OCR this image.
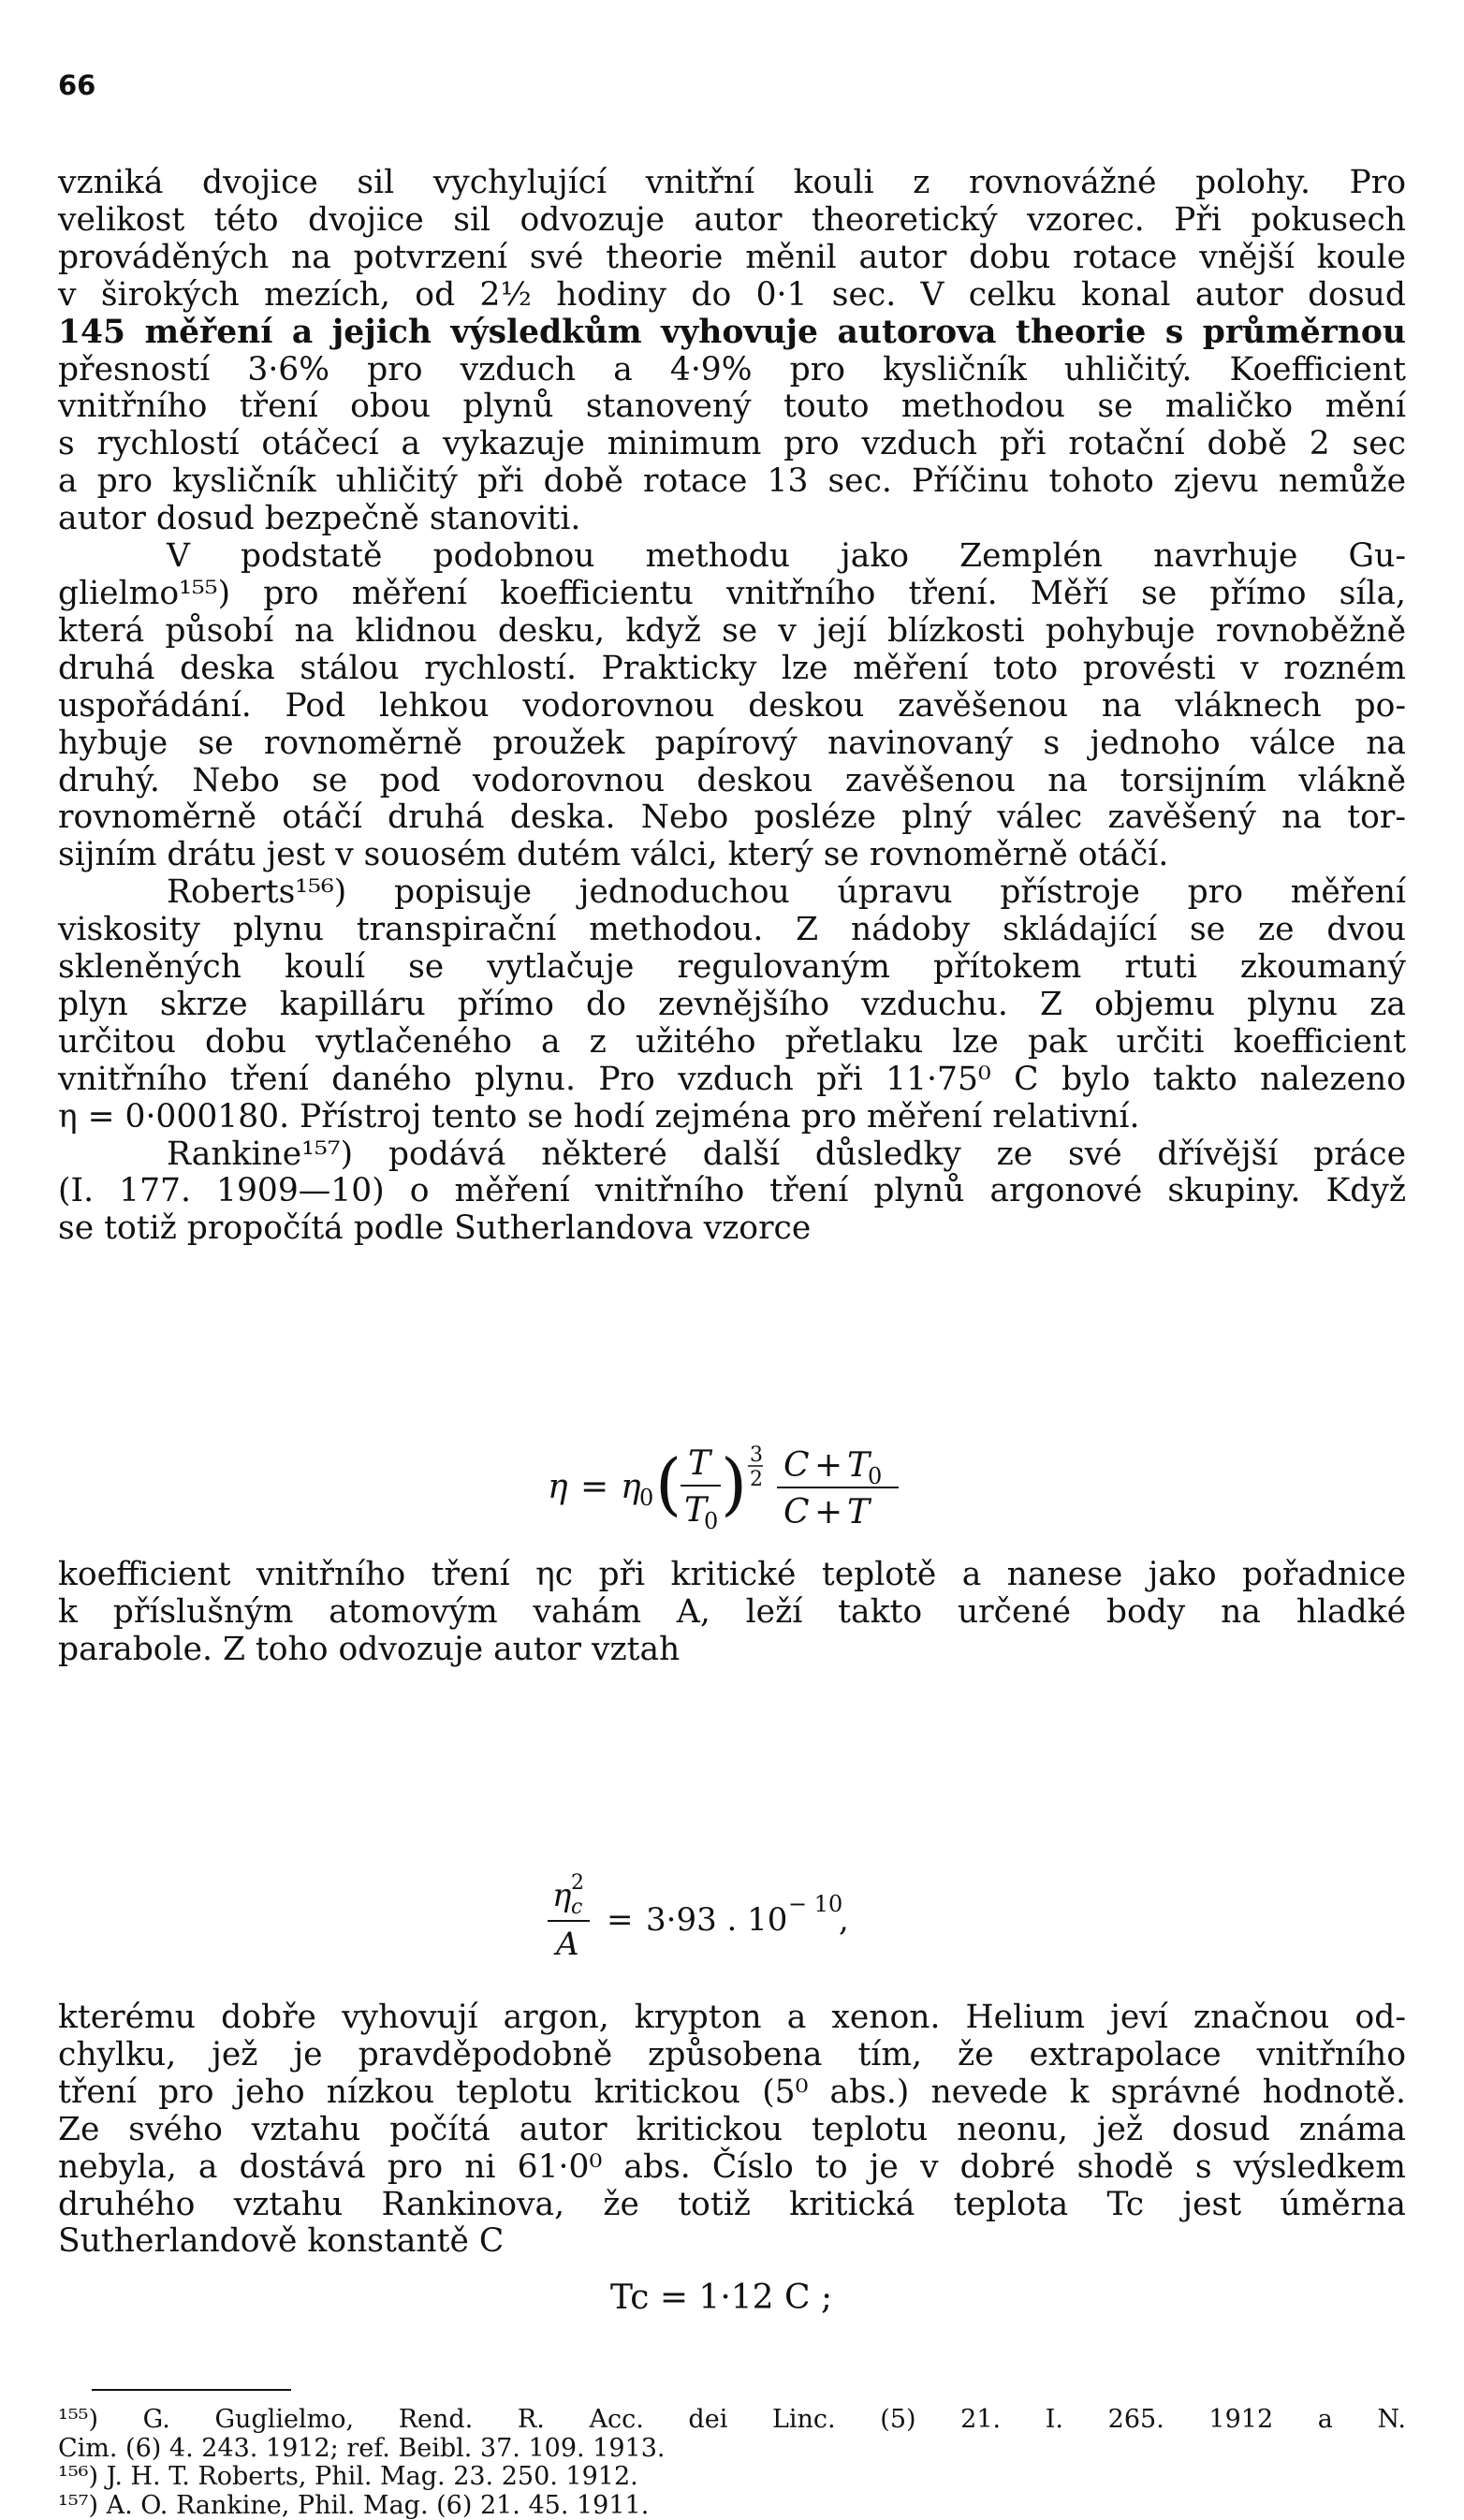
66
vzniká dvojice sil vychylující vnitřní kouli z rovnovážné polohy. Pro
velikost této dvojice sil odvozuje autor theoretický vzorec. Při pokusech
prováděných na potvrzení své theorie měnil autor dobu rotace vnější koule
v širokých mezích, od 2½ hodiny do 0·1 sec. V celku konal autor dosud
145 měření a jejich výsledkům vyhovuje autorova theorie s průměrnou
přesností 3·6% pro vzduch a 4·9% pro kysličník uhličitý. Koefficient
vnitřního tření obou plynů stanovený touto methodou se maličko mění
s rychlostí otáčecí a vykazuje minimum pro vzduch při rotační době 2 sec
a pro kysličník uhličitý při době rotace 13 sec. Příčinu tohoto zjevu nemůže
autor dosud bezpečně stanoviti.
V podstatě podobnou methodu jako Zemplén navrhuje Gu-
glielmo¹⁵⁵) pro měření koefficientu vnitřního tření. Měří se přímo síla,
která působí na klidnou desku, když se v její blízkosti pohybuje rovnoběžně
druhá deska stálou rychlostí. Prakticky lze měření toto provésti v rozném
uspořádání. Pod lehkou vodorovnou deskou zavěšenou na vláknech po-
hybuje se rovnoměrně proužek papírový navinovaný s jednoho válce na
druhý. Nebo se pod vodorovnou deskou zavěšenou na torsijním vlákně
rovnoměrně otáčí druhá deska. Nebo posléze plný válec zavěšený na tor-
sijním drátu jest v souosém dutém válci, který se rovnoměrně otáčí.
Roberts¹⁵⁶) popisuje jednoduchou úpravu přístroje pro měření
viskosity plynu transpirační methodou. Z nádoby skládající se ze dvou
skleněných koulí se vytlačuje regulovaným přítokem rtuti zkoumaný
plyn skrze kapilláru přímo do zevnějšího vzduchu. Z objemu plynu za
určitou dobu vytlačeného a z užitého přetlaku lze pak určiti koefficient
vnitřního tření daného plynu. Pro vzduch při 11·75⁰ C bylo takto nalezeno
η = 0·000180. Přístroj tento se hodí zejména pro měření relativní.
Rankine¹⁵⁷) podává některé další důsledky ze své dřívější práce
(I. 177. 1909—10) o měření vnitřního tření plynů argonové skupiny. Když
se totiž propočítá podle Sutherlandova vzorce
η = η
0 ( T
T
0 ) 3
2 C + T
0
C + T
koefficient vnitřního tření ηc při kritické teplotě a nanese jako pořadnice
k příslušným atomovým vahám A, leží takto určené body na hladké
parabole. Z toho odvozuje autor vztah
η c
2
A
= 3·93 . 10 − 10
,
kterému dobře vyhovují argon, krypton a xenon. Helium jeví značnou od-
chylku, jež je pravděpodobně způsobena tím, že extrapolace vnitřního
tření pro jeho nízkou teplotu kritickou (5⁰ abs.) nevede k správné hodnotě.
Ze svého vztahu počítá autor kritickou teplotu neonu, jež dosud známa
nebyla, a dostává pro ni 61·0⁰ abs. Číslo to je v dobré shodě s výsledkem
druhého vztahu Rankinova, že totiž kritická teplota Tc jest úměrna
Sutherlandově konstantě C
Tc = 1·12 C ;
¹⁵⁵) G. Guglielmo, Rend. R. Acc. dei Linc. (5) 21. I. 265. 1912 a N.
Cim. (6) 4. 243. 1912; ref. Beibl. 37. 109. 1913.
¹⁵⁶) J. H. T. Roberts, Phil. Mag. 23. 250. 1912.
¹⁵⁷) A. O. Rankine, Phil. Mag. (6) 21. 45. 1911.
